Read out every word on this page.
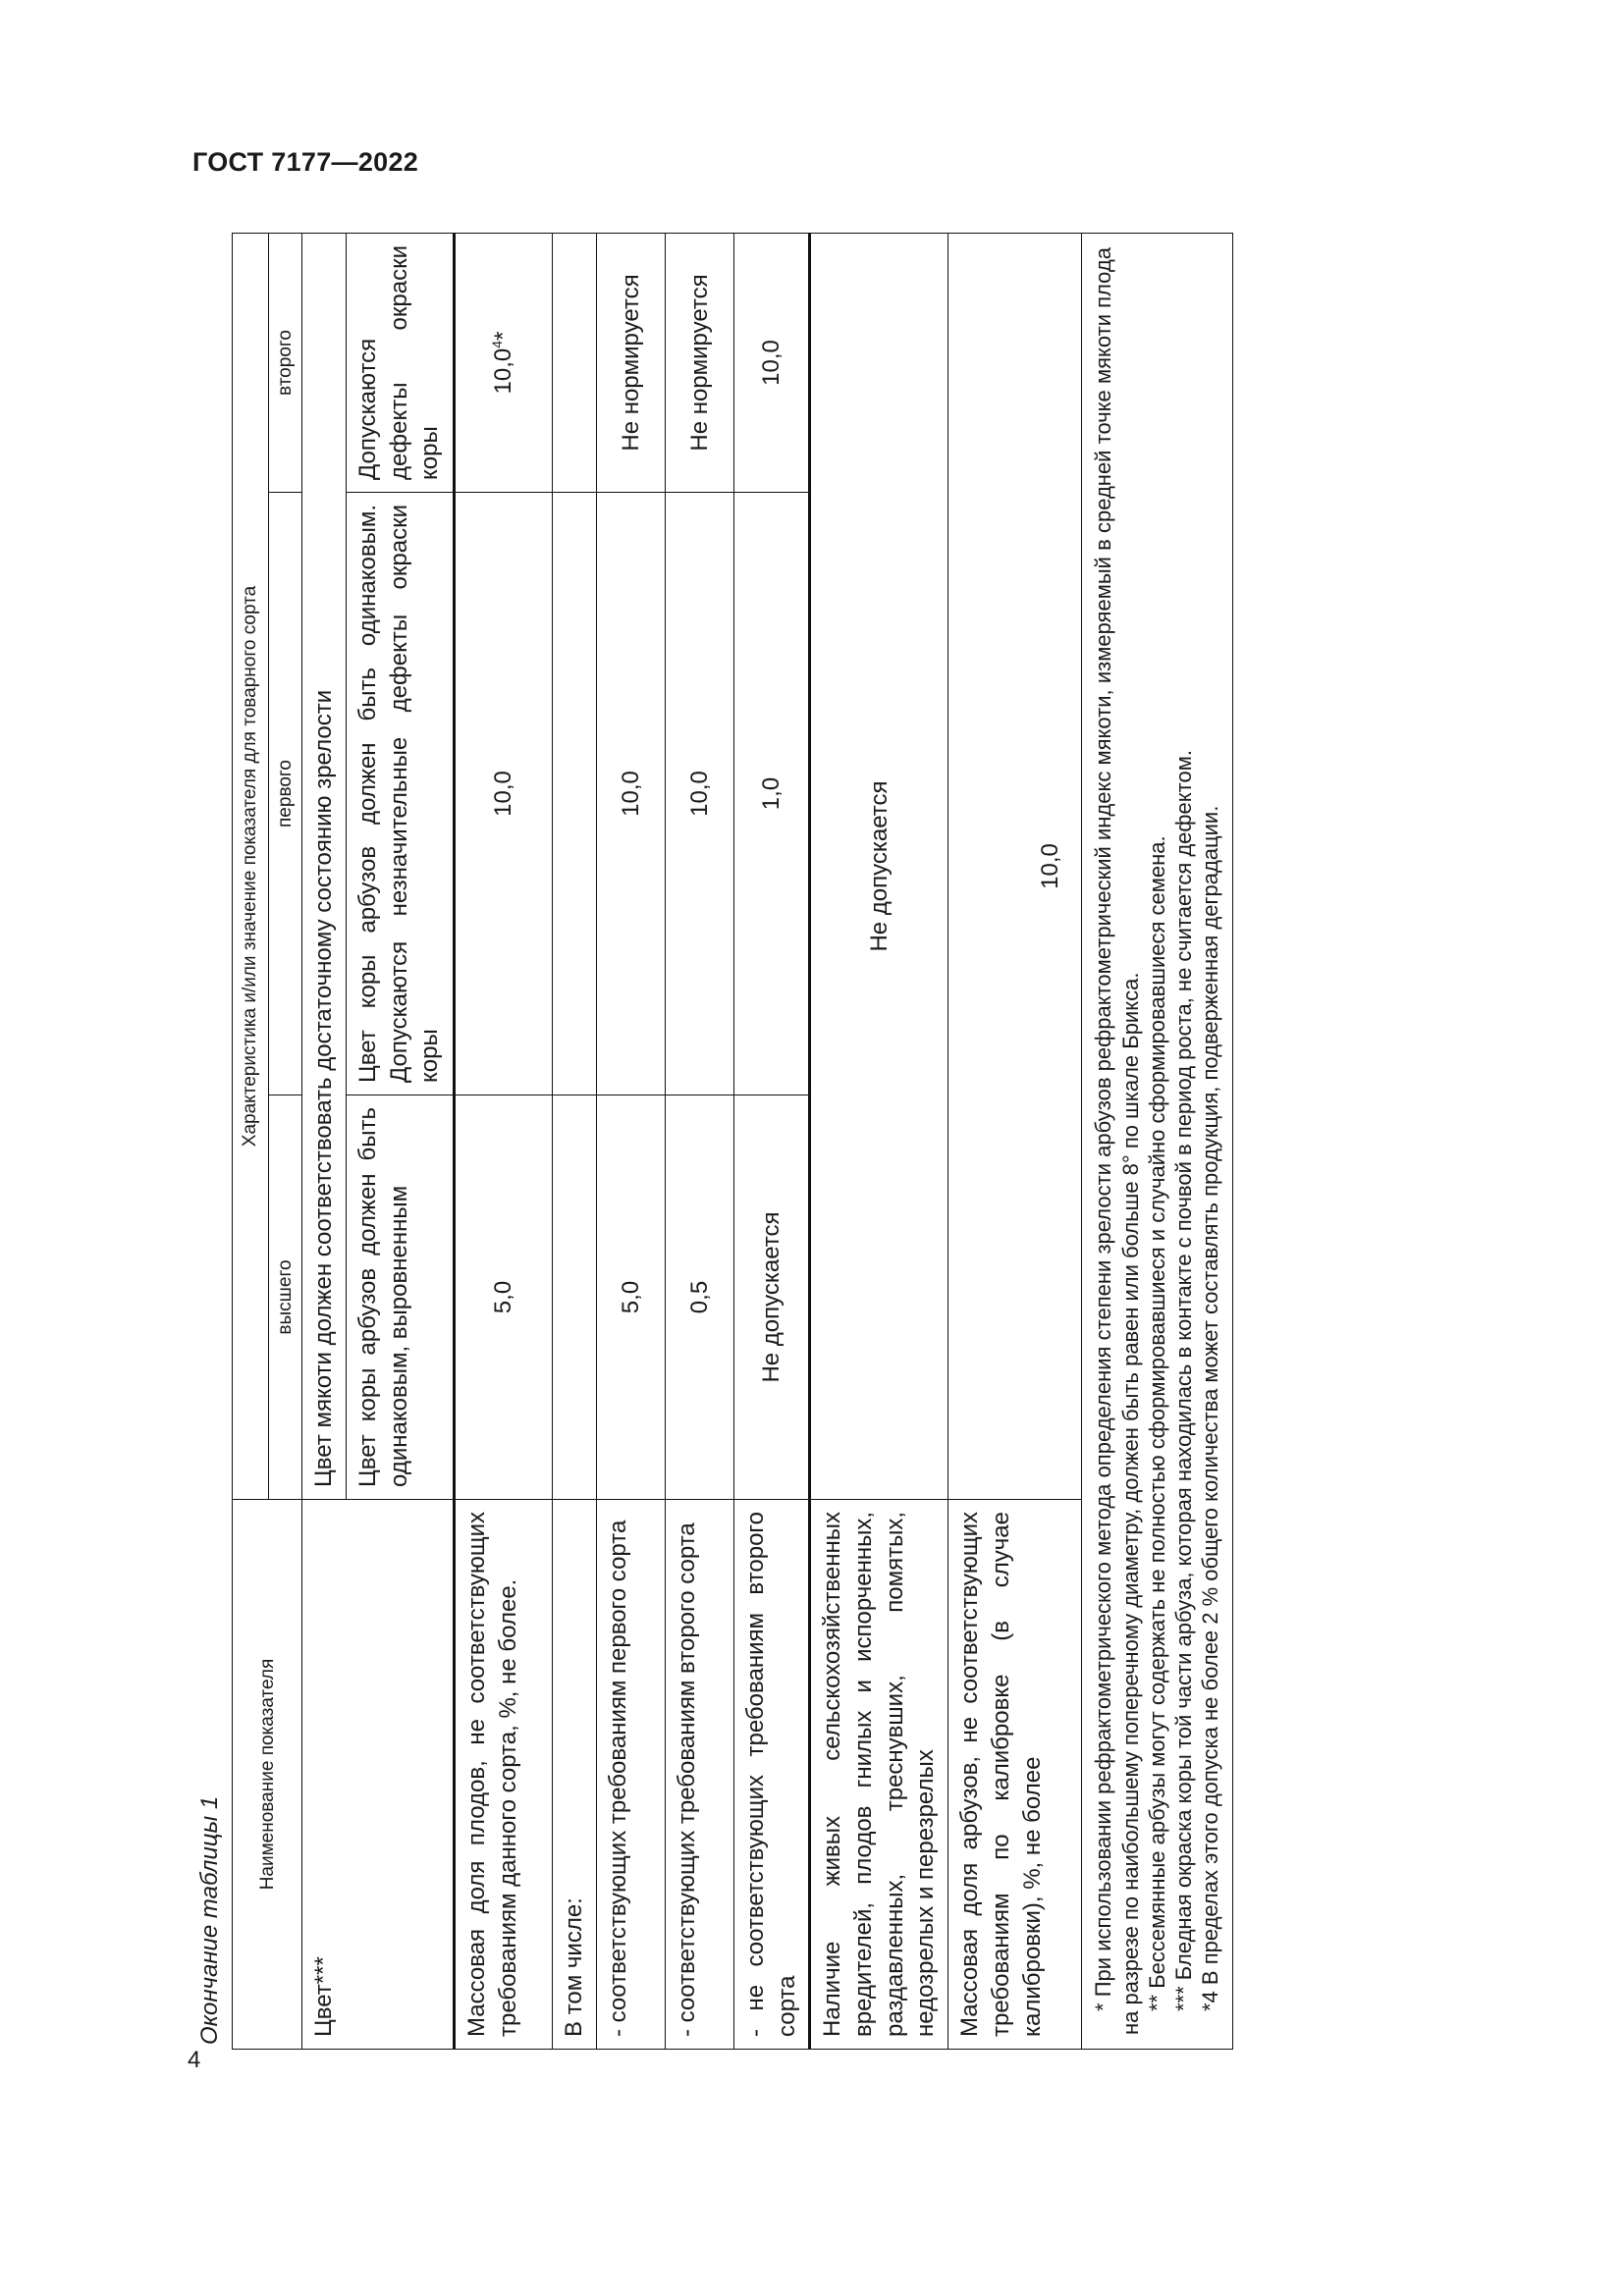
ГОСТ 7177—2022
4
Окончание таблицы 1
Наименование показателя	Характеристика и/или значение показателя для товарного сорта		
	высшего	первого	второго
Цвет***	Цвет мякоти должен соответствовать достаточному состоянию зрелости		
	Цвет коры арбузов должен быть одинаковым, выровненным	Цвет коры арбузов должен быть одинаковым. Допускаются незначительные дефекты окраски коры	Допускаются дефекты окраски коры
Массовая доля плодов, не соответствующих требованиям данного сорта, %, не более.	5,0	10,0	10,0$^4$*
В том числе:			
- соответствующих требованиям первого сорта	5,0	10,0	Не нормируется
- соответствующих требованиям второго сорта	0,5	10,0	Не нормируется
- не соответствующих требованиям второго сорта	Не допускается	1,0	10,0
Наличие живых сельскохозяйственных вредителей, плодов гнилых и испорченных, раздавленных, треснувших, помятых, недозрелых и перезрелых	Не допускается		
Массовая доля арбузов, не соответствующих требованиям по калибровке (в случае калибровки), %, не более	10,0		

* При использовании рефрактометрического метода определения степени зрелости арбузов рефрактометрический индекс мякоти, измеряемый в средней точке мякоти плода на разрезе по наибольшему поперечному диаметру, должен быть равен или больше 8° по шкале Брикса. ** Бессемянные арбузы могут содержать не полностью сформировавшиеся и случайно сформировавшиеся семена. *** Бледная окраска коры той части арбуза, которая находилась в контакте с почвой в период роста, не считается дефектом. *4 В пределах этого допуска не более 2 % общего количества может составлять продукция, подверженная деградации.			
